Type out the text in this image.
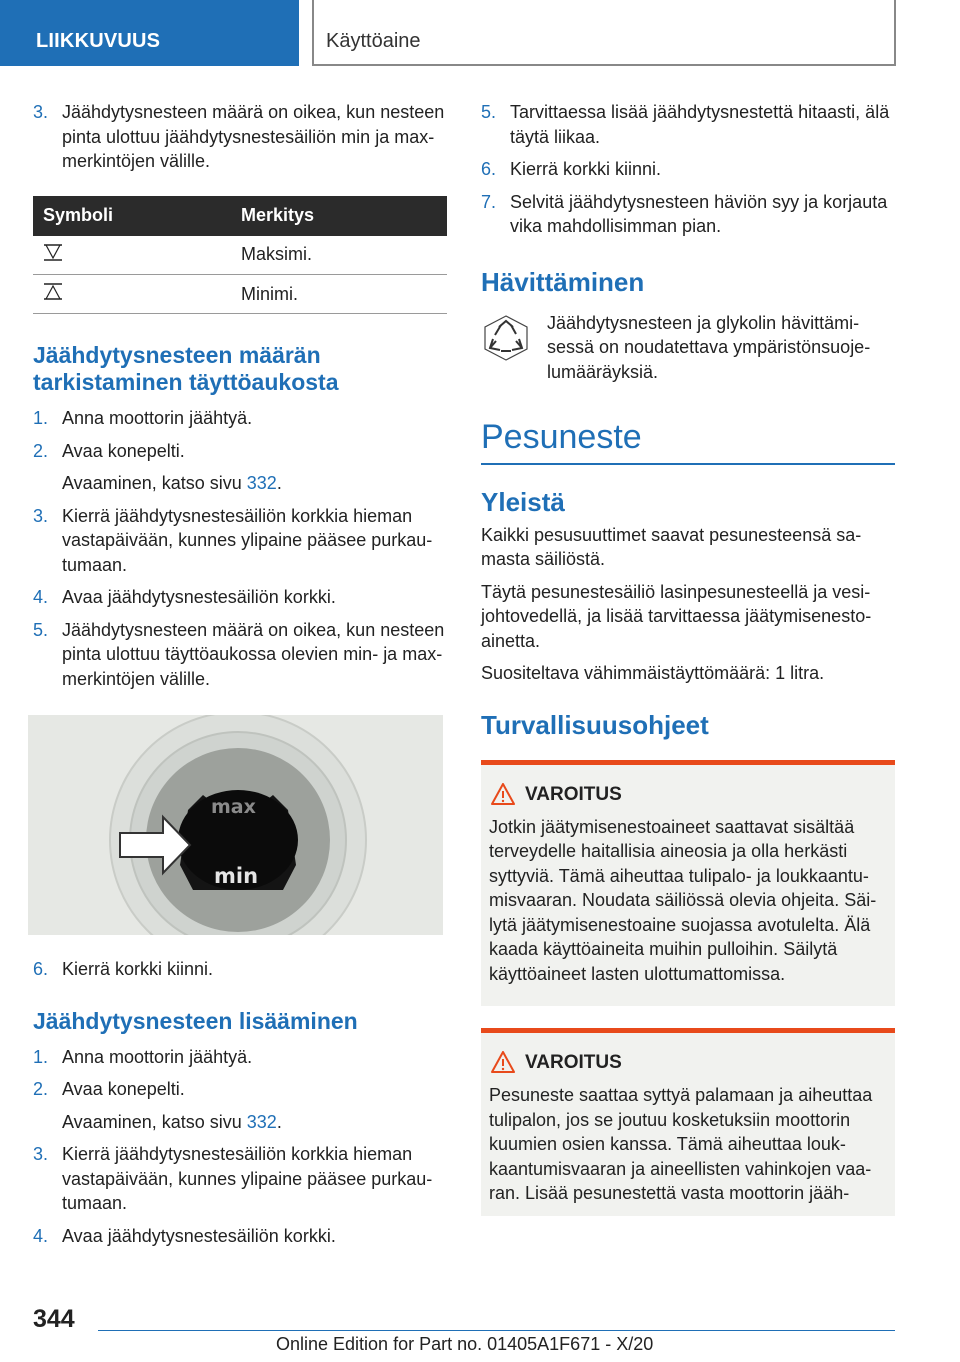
LIIKKUVUUS	Käyttöaine
3. Jäähdytysnesteen määrä on oikea, kun nesteen pinta ulottuu jäähdytysnestesäiliön min ja max-merkintöjen välille.
Symboli	Merkitys
	Maksimi.
	Minimi.
Jäähdytysnesteen määrän tarkistaminen täyttöaukosta
1. Anna moottorin jäähtyä.
2. Avaa konepelti.
Avaaminen, katso sivu 332.
3. Kierrä jäähdytysnestesäiliön korkkia hieman vastapäivään, kunnes ylipaine pääsee purkautumaan.
4. Avaa jäähdytysnestesäiliön korkki.
5. Jäähdytysnesteen määrä on oikea, kun nesteen pinta ulottuu täyttöaukossa olevien min- ja max-merkintöjen välille.
max
min
6. Kierrä korkki kiinni.
Jäähdytysnesteen lisääminen
1. Anna moottorin jäähtyä.
2. Avaa konepelti.
Avaaminen, katso sivu 332.
3. Kierrä jäähdytysnestesäiliön korkkia hieman vastapäivään, kunnes ylipaine pääsee purkautumaan.
4. Avaa jäähdytysnestesäiliön korkki.
5. Tarvittaessa lisää jäähdytysnestettä hitaasti, älä täytä liikaa.
6. Kierrä korkki kiinni.
7. Selvitä jäähdytysnesteen häviön syy ja korjauta vika mahdollisimman pian.
Hävittäminen
Jäähdytysnesteen ja glykolin hävittämisessä on noudatettava ympäristönsuojelumääräyksiä.
Pesuneste
Yleistä
Kaikki pesusuuttimet saavat pesunesteensä samasta säiliöstä.
Täytä pesunestesäiliö lasinpesunesteellä ja vesijohtovedellä, ja lisää tarvittaessa jäätymisenestoainetta.
Suositeltava vähimmäistäyttömäärä: 1 litra.
Turvallisuusohjeet
VAROITUS
Jotkin jäätymisenestoaineet saattavat sisältää terveydelle haitallisia aineosia ja olla herkästi syttyviä. Tämä aiheuttaa tulipalo- ja loukkaantumisvaaran. Noudata säiliössä olevia ohjeita. Säilytä jäätymisenestoaine suojassa avotulelta. Älä kaada käyttöaineita muihin pulloihin. Säilytä käyttöaineet lasten ulottumattomissa.
VAROITUS
Pesuneste saattaa syttyä palamaan ja aiheuttaa tulipalon, jos se joutuu kosketuksiin moottorin kuumien osien kanssa. Tämä aiheuttaa loukkaantumisvaaran ja aineellisten vahinkojen vaaran. Lisää pesunestettä vasta moottorin jääh-
344
Online Edition for Part no. 01405A1F671 - X/20
